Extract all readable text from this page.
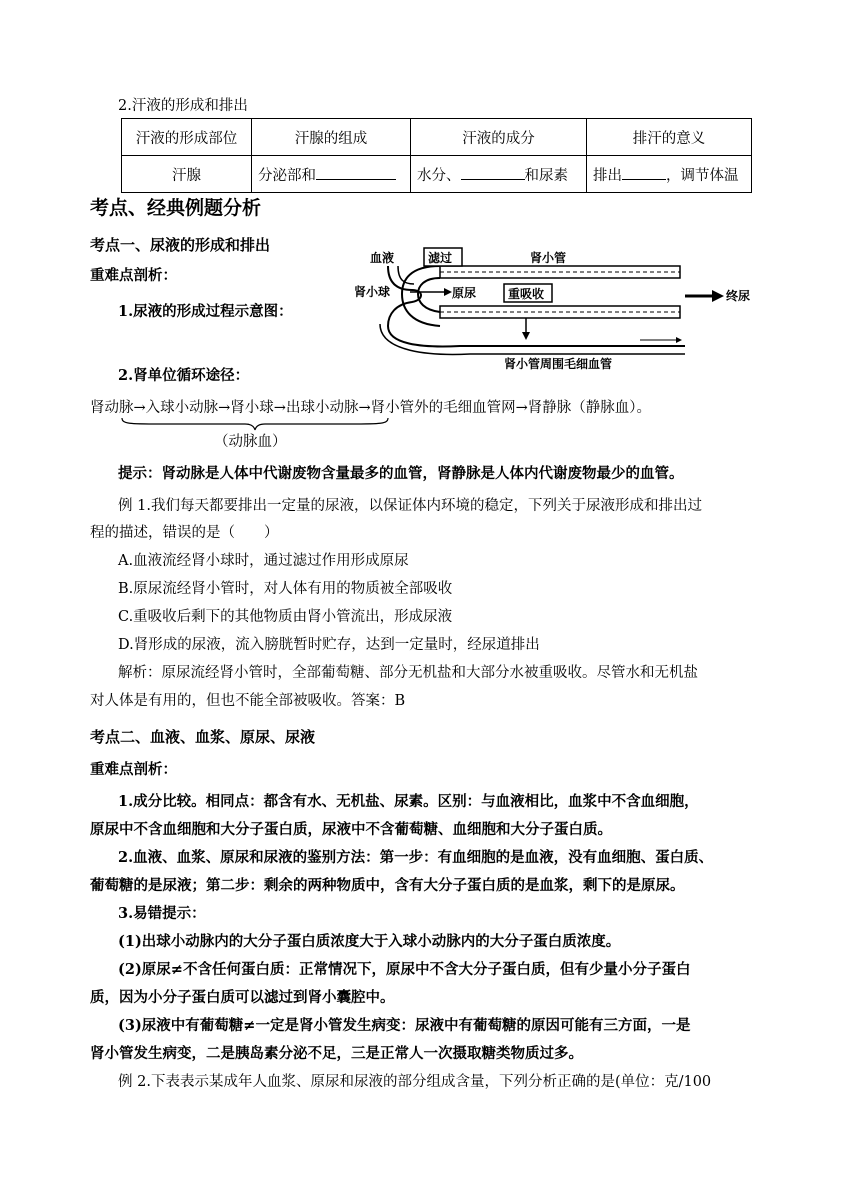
2.汗液的形成和排出
汗液的形成部位	汗腺的组成	汗液的成分	排汗的意义
汗腺	分泌部和	水分、 和尿素	排出 ，调节体温
考点、经典例题分析
考点一、尿液的形成和排出
重难点剖析：
1.尿液的形成过程示意图：
血液	滤过	肾小管
肾小球	原尿	重吸收	终尿
肾小管周围毛细血管
2.肾单位循环途径：
肾动脉→入球小动脉→肾小球→出球小动脉→肾小管外的毛细血管网→肾静脉（静脉血）。
（动脉血）
提示：肾动脉是人体中代谢废物含量最多的血管，肾静脉是人体内代谢废物最少的血管。
例 1.我们每天都要排出一定量的尿液，以保证体内环境的稳定，下列关于尿液形成和排出过
程的描述，错误的是（　　）
A.血液流经肾小球时，通过滤过作用形成原尿
B.原尿流经肾小管时，对人体有用的物质被全部吸收
C.重吸收后剩下的其他物质由肾小管流出，形成尿液
D.肾形成的尿液，流入膀胱暂时贮存，达到一定量时，经尿道排出
解析：原尿流经肾小管时，全部葡萄糖、部分无机盐和大部分水被重吸收。尽管水和无机盐
对人体是有用的，但也不能全部被吸收。答案：B
考点二、血液、血浆、原尿、尿液
重难点剖析：
1.成分比较。相同点：都含有水、无机盐、尿素。区别：与血液相比，血浆中不含血细胞，
原尿中不含血细胞和大分子蛋白质，尿液中不含葡萄糖、血细胞和大分子蛋白质。
2.血液、血浆、原尿和尿液的鉴别方法：第一步：有血细胞的是血液，没有血细胞、蛋白质、
葡萄糖的是尿液；第二步：剩余的两种物质中，含有大分子蛋白质的是血浆，剩下的是原尿。
3.易错提示：
(1)出球小动脉内的大分子蛋白质浓度大于入球小动脉内的大分子蛋白质浓度。
(2)原尿≠不含任何蛋白质：正常情况下，原尿中不含大分子蛋白质，但有少量小分子蛋白
质，因为小分子蛋白质可以滤过到肾小囊腔中。
(3)尿液中有葡萄糖≠一定是肾小管发生病变：尿液中有葡萄糖的原因可能有三方面，一是
肾小管发生病变，二是胰岛素分泌不足，三是正常人一次摄取糖类物质过多。
例 2.下表表示某成年人血浆、原尿和尿液的部分组成含量，下列分析正确的是(单位：克/100
